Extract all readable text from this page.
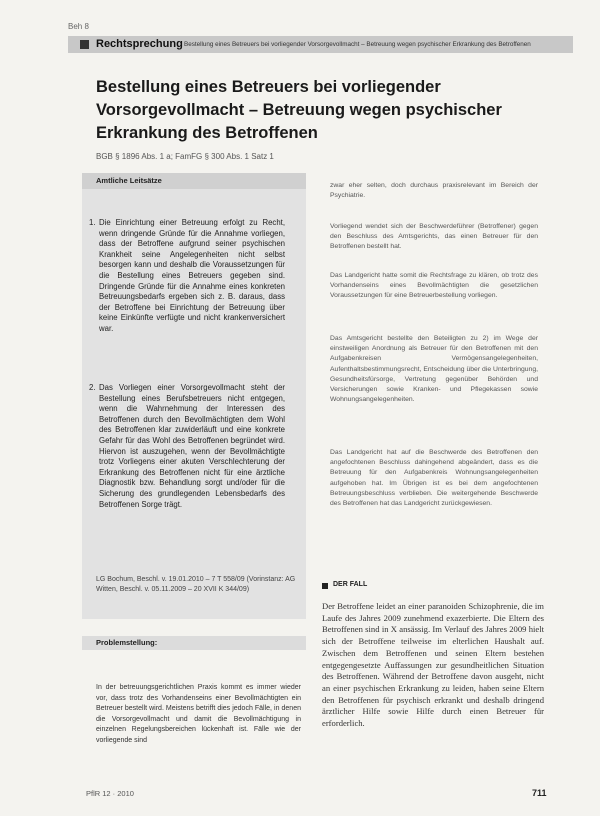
Beh 8
Rechtsprechung Bestellung eines Betreuers bei vorliegender Vorsorgevollmacht – Betreuung wegen psychischer Erkrankung des Betroffenen
Bestellung eines Betreuers bei vorliegender Vorsorgevollmacht – Betreuung wegen psychischer Erkrankung des Betroffenen
BGB § 1896 Abs. 1 a; FamFG § 300 Abs. 1 Satz 1
Amtliche Leitsätze
1. Die Einrichtung einer Betreuung erfolgt zu Recht, wenn dringende Gründe für die Annahme vorliegen, dass der Betroffene aufgrund seiner psychischen Krankheit seine Angelegenheiten nicht selbst besorgen kann und deshalb die Voraussetzungen für die Bestellung eines Betreuers gegeben sind. Dringende Gründe für die Annahme eines konkreten Betreuungsbedarfs ergeben sich z. B. daraus, dass der Betroffene bei Einrichtung der Betreuung über keine Einkünfte verfügte und nicht krankenversichert war.
2. Das Vorliegen einer Vorsorgevollmacht steht der Bestellung eines Berufsbetreuers nicht entgegen, wenn die Wahrnehmung der Interessen des Betroffenen durch den Bevollmächtigten dem Wohl des Betroffenen klar zuwiderläuft und eine konkrete Gefahr für das Wohl des Betroffenen begründet wird. Hiervon ist auszugehen, wenn der Bevollmächtigte trotz Vorliegens einer akuten Verschlechterung der Erkrankung des Betroffenen nicht für eine ärztliche Diagnostik bzw. Behandlung sorgt und/oder für die Sicherung des grundlegenden Lebensbedarfs des Betroffenen Sorge trägt.
LG Bochum, Beschl. v. 19.01.2010 – 7 T 558/09 (Vorinstanz: AG Witten, Beschl. v. 05.11.2009 – 20 XVII K 344/09)
Problemstellung:
In der betreuungsgerichtlichen Praxis kommt es immer wieder vor, dass trotz des Vorhandenseins einer Bevollmächtigten ein Betreuer bestellt wird. Meistens betrifft dies jedoch Fälle, in denen die Vorsorgevollmacht und damit die Bevollmächtigung in einzelnen Regelungsbereichen lückenhaft ist. Fälle wie der vorliegende sind
zwar eher selten, doch durchaus praxisrelevant im Bereich der Psychiatrie.
Vorliegend wendet sich der Beschwerdeführer (Betroffener) gegen den Beschluss des Amtsgerichts, das einen Betreuer für den Betroffenen bestellt hat.
Das Landgericht hatte somit die Rechtsfrage zu klären, ob trotz des Vorhandenseins eines Bevollmächtigten die gesetzlichen Voraussetzungen für eine Betreuerbestellung vorliegen.
Das Amtsgericht bestellte den Beteiligten zu 2) im Wege der einstweiligen Anordnung als Betreuer für den Betroffenen mit den Aufgabenkreisen Vermögensangelegenheiten, Aufenthaltsbestimmungsrecht, Entscheidung über die Unterbringung, Gesundheitsfürsorge, Vertretung gegenüber Behörden und Versicherungen sowie Kranken- und Pflegekassen sowie Wohnungsangelegenheiten.
Das Landgericht hat auf die Beschwerde des Betroffenen den angefochtenen Beschluss dahingehend abgeändert, dass es die Betreuung für den Aufgabenkreis Wohnungsangelegenheiten aufgehoben hat. Im Übrigen ist es bei dem angefochtenen Betreuungsbeschluss verblieben. Die weitergehende Beschwerde des Betroffenen hat das Landgericht zurückgewiesen.
DER FALL
Der Betroffene leidet an einer paranoiden Schizophrenie, die im Laufe des Jahres 2009 zunehmend exazerbierte. Die Eltern des Betroffenen sind in X ansässig. Im Verlauf des Jahres 2009 hielt sich der Betroffene teilweise im elterlichen Haushalt auf. Zwischen dem Betroffenen und seinen Eltern bestehen entgegengesetzte Auffassungen zur gesundheitlichen Situation des Betroffenen. Während der Betroffene davon ausgeht, nicht an einer psychischen Erkrankung zu leiden, haben seine Eltern den Betroffenen für psychisch erkrankt und deshalb dringend ärztlicher Hilfe sowie Hilfe durch einen Betreuer für erforderlich.
PflR 12 · 2010	711
